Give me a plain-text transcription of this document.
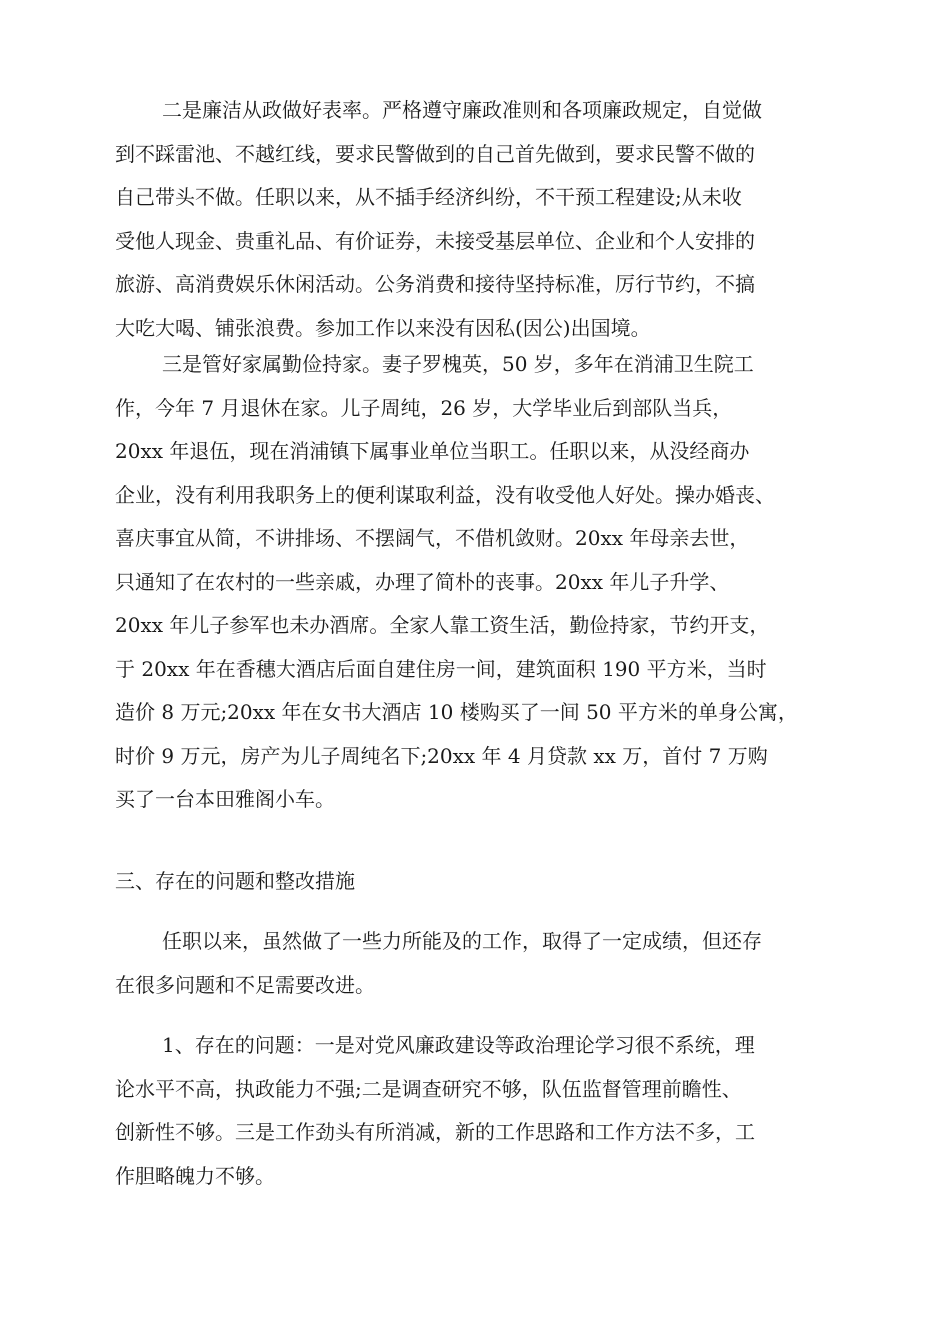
二是廉洁从政做好表率。严格遵守廉政准则和各项廉政规定，自觉做
到不踩雷池、不越红线，要求民警做到的自己首先做到，要求民警不做的
自己带头不做。任职以来，从不插手经济纠纷，不干预工程建设;从未收
受他人现金、贵重礼品、有价证券，未接受基层单位、企业和个人安排的
旅游、高消费娱乐休闲活动。公务消费和接待坚持标准，厉行节约，不搞
大吃大喝、铺张浪费。参加工作以来没有因私(因公)出国境。
三是管好家属勤俭持家。妻子罗槐英，50 岁，多年在消浦卫生院工
作，今年 7 月退休在家。儿子周纯，26 岁，大学毕业后到部队当兵，
20xx 年退伍，现在消浦镇下属事业单位当职工。任职以来，从没经商办
企业，没有利用我职务上的便利谋取利益，没有收受他人好处。操办婚丧、
喜庆事宜从简，不讲排场、不摆阔气，不借机敛财。20xx 年母亲去世，
只通知了在农村的一些亲戚，办理了简朴的丧事。20xx 年儿子升学、
20xx 年儿子参军也未办酒席。全家人靠工资生活，勤俭持家，节约开支，
于 20xx 年在香穗大酒店后面自建住房一间，建筑面积 190 平方米，当时
造价 8 万元;20xx 年在女书大酒店 10 楼购买了一间 50 平方米的单身公寓，
时价 9 万元，房产为儿子周纯名下;20xx 年 4 月贷款 xx 万，首付 7 万购
买了一台本田雅阁小车。
三、存在的问题和整改措施
任职以来，虽然做了一些力所能及的工作，取得了一定成绩，但还存
在很多问题和不足需要改进。
1、存在的问题：一是对党风廉政建设等政治理论学习很不系统，理
论水平不高，执政能力不强;二是调查研究不够，队伍监督管理前瞻性、
创新性不够。三是工作劲头有所消减，新的工作思路和工作方法不多，工
作胆略魄力不够。
